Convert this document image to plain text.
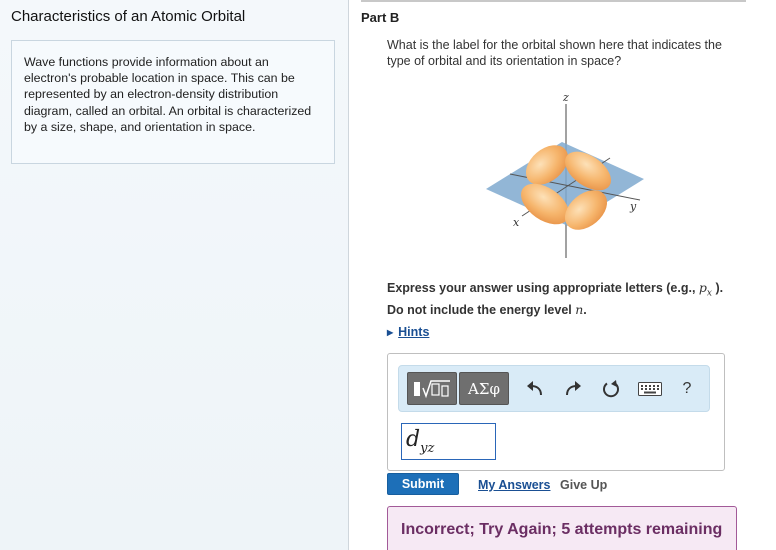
Characteristics of an Atomic Orbital
Wave functions provide information about an electron's probable location in space. This can be represented by an electron-density distribution diagram, called an orbital. An orbital is characterized by a size, shape, and orientation in space.
Part B
What is the label for the orbital shown here that indicates the type of orbital and its orientation in space?
z
y
x
Express your answer using appropriate letters (e.g., $p_x$ ).
Do not include the energy level n.
▶ Hints
ΑΣφ	?
$d_{yz}$
Submit	My Answers Give Up
Incorrect; Try Again; 5 attempts remaining
